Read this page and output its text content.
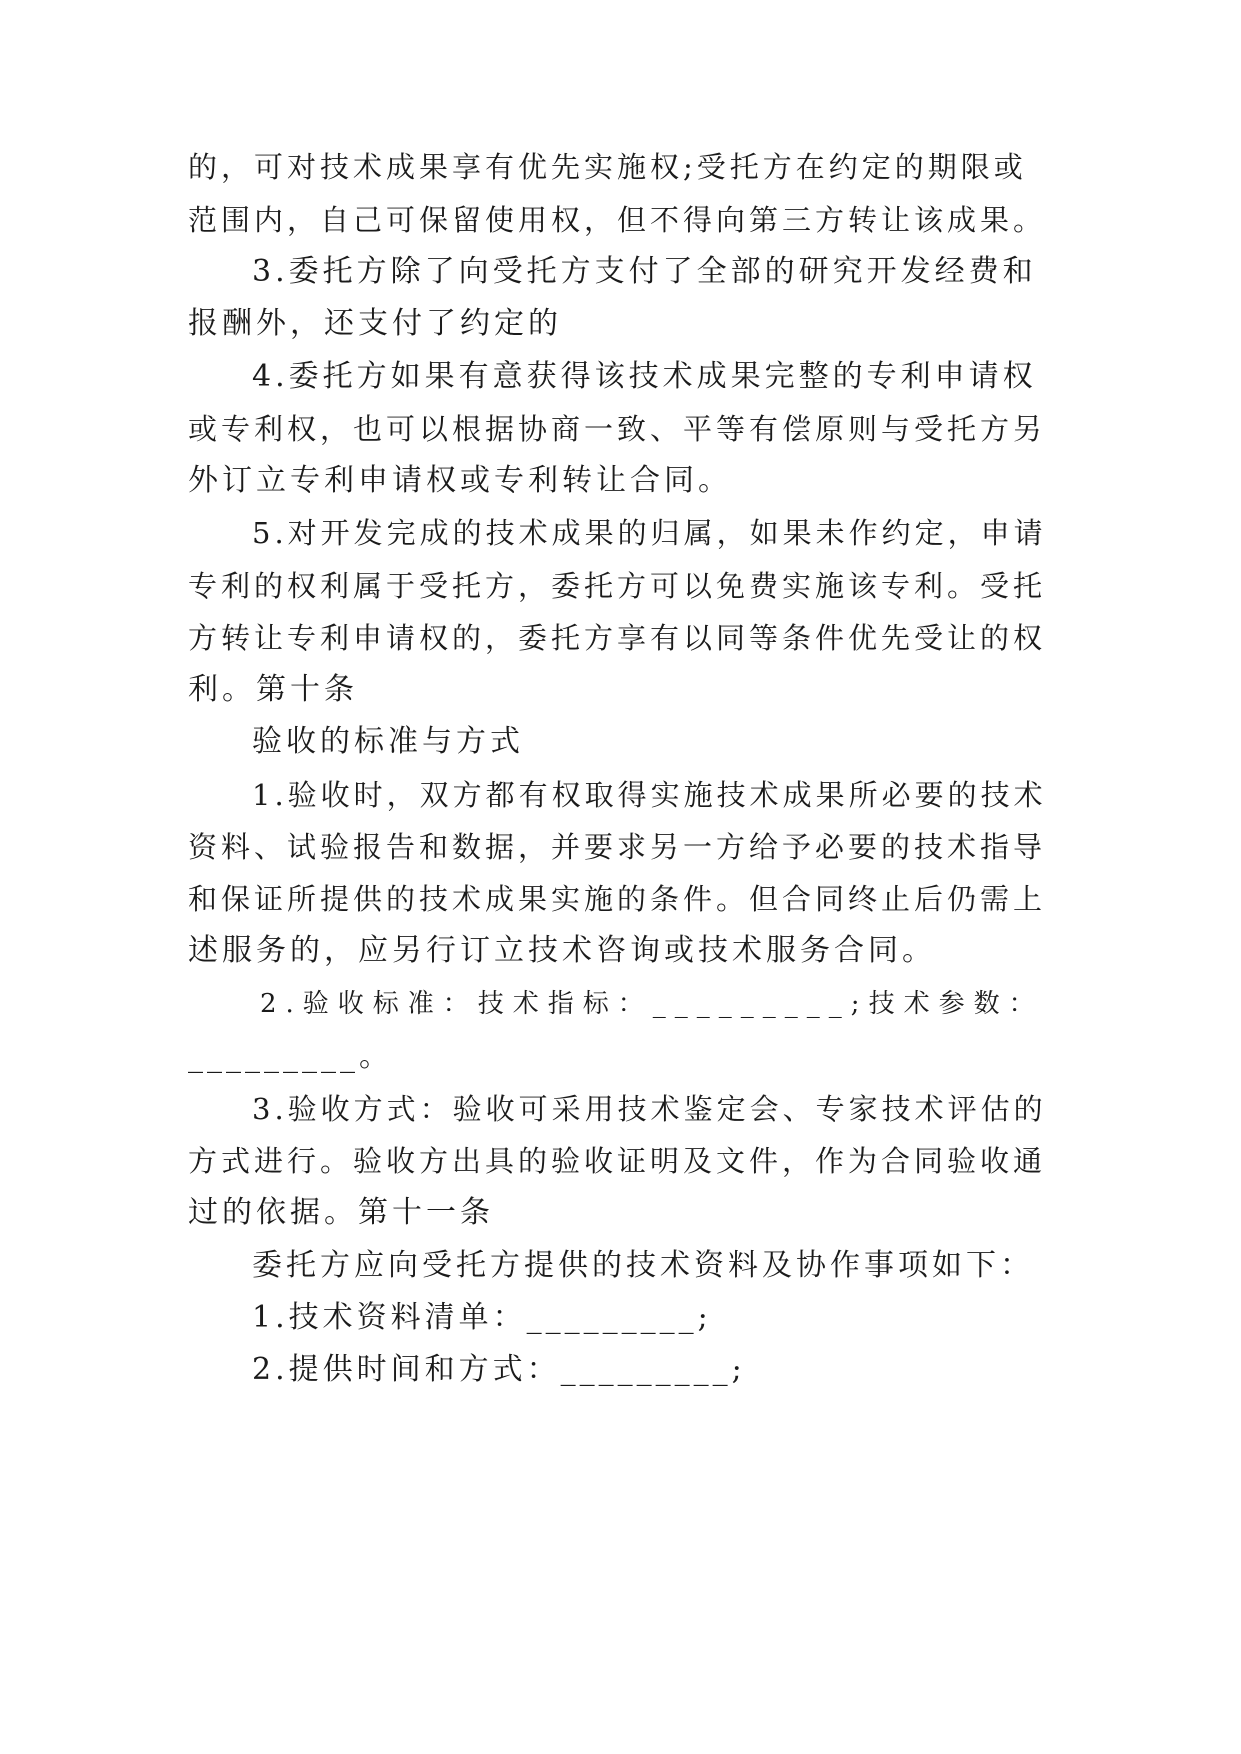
的，可对技术成果享有优先实施权;受托方在约定的期限或
范围内，自己可保留使用权，但不得向第三方转让该成果。
3.委托方除了向受托方支付了全部的研究开发经费和
报酬外，还支付了约定的
4.委托方如果有意获得该技术成果完整的专利申请权
或专利权，也可以根据协商一致、平等有偿原则与受托方另
外订立专利申请权或专利转让合同。
5.对开发完成的技术成果的归属，如果未作约定，申请
专利的权利属于受托方，委托方可以免费实施该专利。受托
方转让专利申请权的，委托方享有以同等条件优先受让的权
利。第十条
验收的标准与方式
1.验收时，双方都有权取得实施技术成果所必要的技术
资料、试验报告和数据，并要求另一方给予必要的技术指导
和保证所提供的技术成果实施的条件。但合同终止后仍需上
述服务的，应另行订立技术咨询或技术服务合同。
2.验收标准：技术指标：_________;技术参数：
_________。
3.验收方式：验收可采用技术鉴定会、专家技术评估的
方式进行。验收方出具的验收证明及文件，作为合同验收通
过的依据。第十一条
委托方应向受托方提供的技术资料及协作事项如下：
1.技术资料清单：_________;
2.提供时间和方式：_________;
